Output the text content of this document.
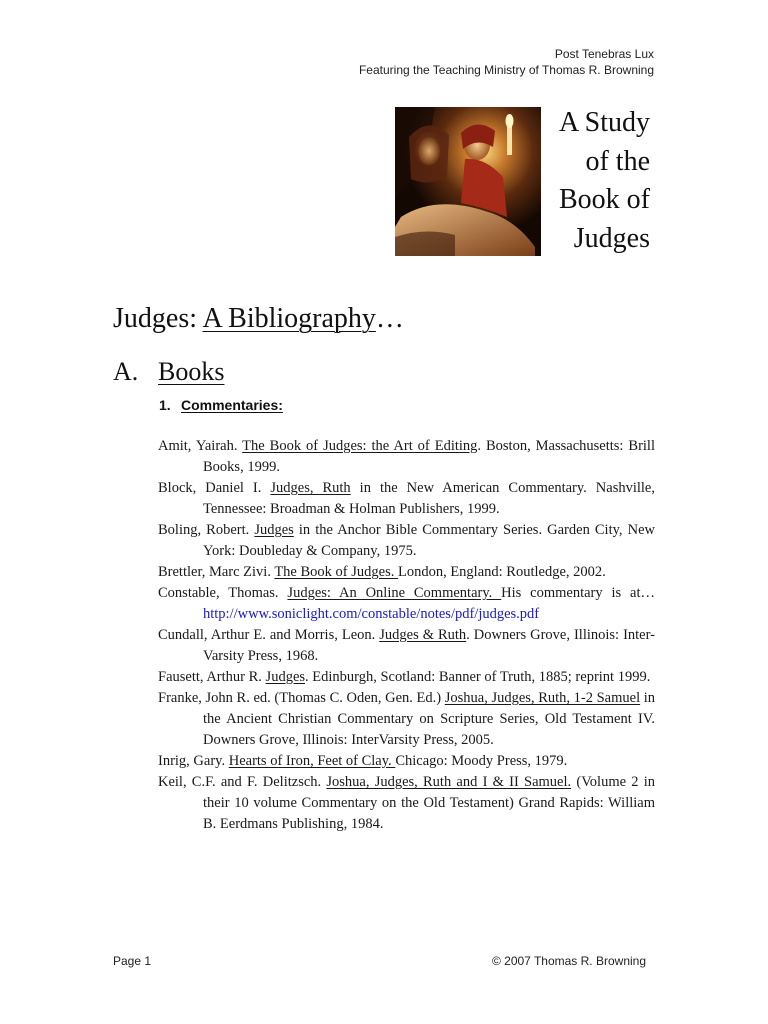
Post Tenebras Lux
Featuring the Teaching Ministry of Thomas R. Browning
A Study
of the
Book of
Judges
Judges: A Bibliography…
A. Books
1. Commentaries:
Amit, Yairah. The Book of Judges: the Art of Editing. Boston, Massachusetts: Brill Books, 1999.
Block, Daniel I. Judges, Ruth in the New American Commentary. Nashville, Tennessee: Broadman & Holman Publishers, 1999.
Boling, Robert. Judges in the Anchor Bible Commentary Series. Garden City, New York: Doubleday & Company, 1975.
Brettler, Marc Zivi. The Book of Judges. London, England: Routledge, 2002.
Constable, Thomas. Judges: An Online Commentary. His commentary is at…http://www.soniclight.com/constable/notes/pdf/judges.pdf
Cundall, Arthur E. and Morris, Leon. Judges & Ruth. Downers Grove, Illinois: Inter-Varsity Press, 1968.
Fausett, Arthur R. Judges. Edinburgh, Scotland: Banner of Truth, 1885; reprint 1999.
Franke, John R. ed. (Thomas C. Oden, Gen. Ed.) Joshua, Judges, Ruth, 1-2 Samuel in the Ancient Christian Commentary on Scripture Series, Old Testament IV. Downers Grove, Illinois: InterVarsity Press, 2005.
Inrig, Gary. Hearts of Iron, Feet of Clay. Chicago: Moody Press, 1979.
Keil, C.F. and F. Delitzsch. Joshua, Judges, Ruth and I & II Samuel. (Volume 2 in their 10 volume Commentary on the Old Testament) Grand Rapids: William B. Eerdmans Publishing, 1984.
Page 1	© 2007 Thomas R. Browning
